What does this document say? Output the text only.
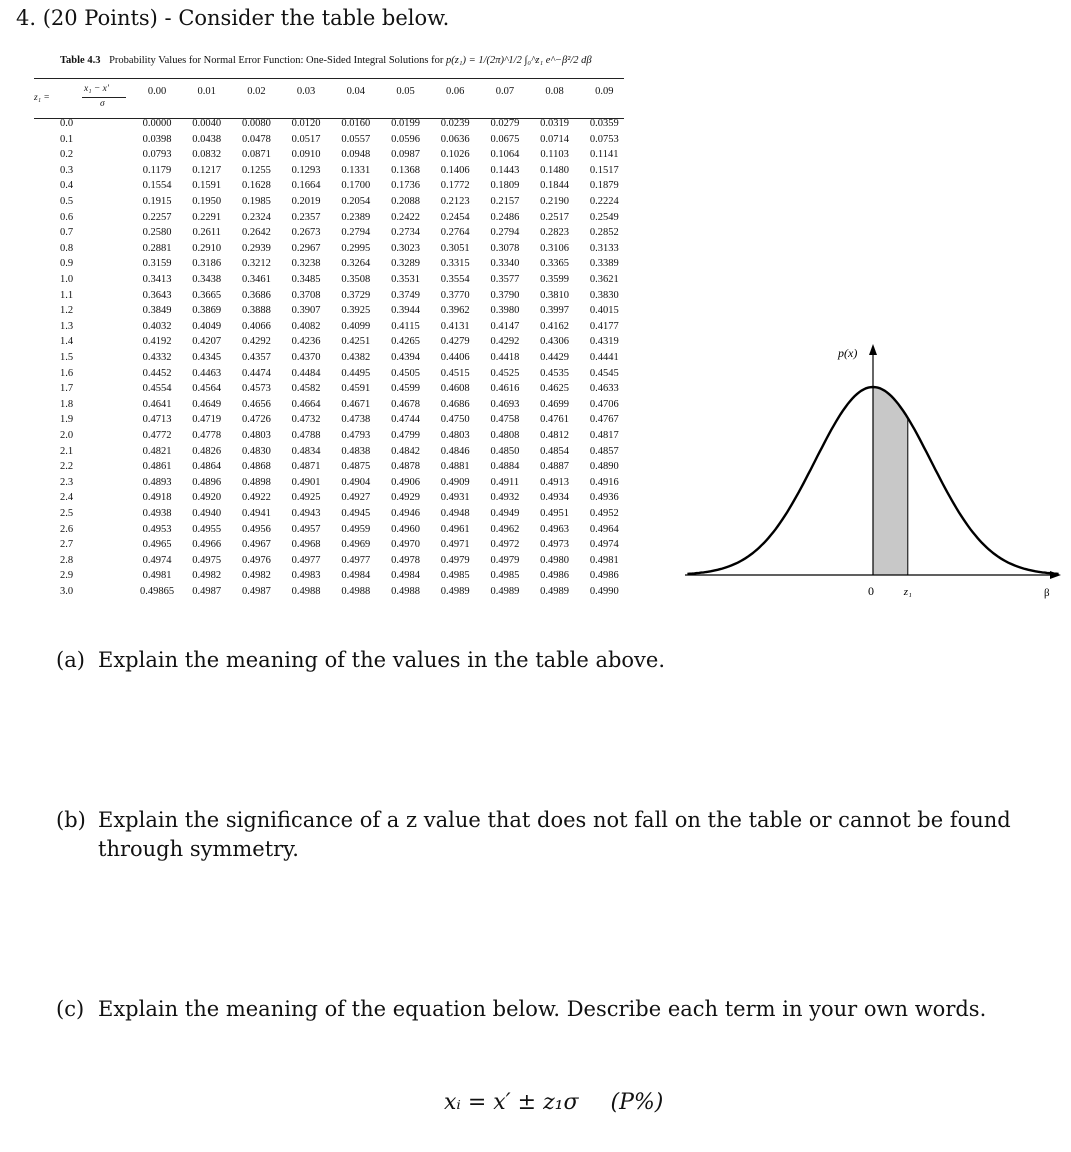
4. (20 Points) - Consider the table below.
Table 4.3 Probability Values for Normal Error Function: One-Sided Integral Solutions for p(z₁) = 1/(2π)^1/2 ∫₀^z₁ e^−β²/2 dβ
z₁ =
x₁ − x′
σ
0.00	0.01	0.02	0.03	0.04	0.05	0.06	0.07	0.08	0.09
0.0	0.0000	0.0040	0.0080	0.0120	0.0160	0.0199	0.0239	0.0279	0.0319	0.0359
0.1	0.0398	0.0438	0.0478	0.0517	0.0557	0.0596	0.0636	0.0675	0.0714	0.0753
0.2	0.0793	0.0832	0.0871	0.0910	0.0948	0.0987	0.1026	0.1064	0.1103	0.1141
0.3	0.1179	0.1217	0.1255	0.1293	0.1331	0.1368	0.1406	0.1443	0.1480	0.1517
0.4	0.1554	0.1591	0.1628	0.1664	0.1700	0.1736	0.1772	0.1809	0.1844	0.1879
0.5	0.1915	0.1950	0.1985	0.2019	0.2054	0.2088	0.2123	0.2157	0.2190	0.2224
0.6	0.2257	0.2291	0.2324	0.2357	0.2389	0.2422	0.2454	0.2486	0.2517	0.2549
0.7	0.2580	0.2611	0.2642	0.2673	0.2794	0.2734	0.2764	0.2794	0.2823	0.2852
0.8	0.2881	0.2910	0.2939	0.2967	0.2995	0.3023	0.3051	0.3078	0.3106	0.3133
0.9	0.3159	0.3186	0.3212	0.3238	0.3264	0.3289	0.3315	0.3340	0.3365	0.3389
1.0	0.3413	0.3438	0.3461	0.3485	0.3508	0.3531	0.3554	0.3577	0.3599	0.3621
1.1	0.3643	0.3665	0.3686	0.3708	0.3729	0.3749	0.3770	0.3790	0.3810	0.3830
1.2	0.3849	0.3869	0.3888	0.3907	0.3925	0.3944	0.3962	0.3980	0.3997	0.4015
1.3	0.4032	0.4049	0.4066	0.4082	0.4099	0.4115	0.4131	0.4147	0.4162	0.4177
1.4	0.4192	0.4207	0.4292	0.4236	0.4251	0.4265	0.4279	0.4292	0.4306	0.4319
1.5	0.4332	0.4345	0.4357	0.4370	0.4382	0.4394	0.4406	0.4418	0.4429	0.4441
1.6	0.4452	0.4463	0.4474	0.4484	0.4495	0.4505	0.4515	0.4525	0.4535	0.4545
1.7	0.4554	0.4564	0.4573	0.4582	0.4591	0.4599	0.4608	0.4616	0.4625	0.4633
1.8	0.4641	0.4649	0.4656	0.4664	0.4671	0.4678	0.4686	0.4693	0.4699	0.4706
1.9	0.4713	0.4719	0.4726	0.4732	0.4738	0.4744	0.4750	0.4758	0.4761	0.4767
2.0	0.4772	0.4778	0.4803	0.4788	0.4793	0.4799	0.4803	0.4808	0.4812	0.4817
2.1	0.4821	0.4826	0.4830	0.4834	0.4838	0.4842	0.4846	0.4850	0.4854	0.4857
2.2	0.4861	0.4864	0.4868	0.4871	0.4875	0.4878	0.4881	0.4884	0.4887	0.4890
2.3	0.4893	0.4896	0.4898	0.4901	0.4904	0.4906	0.4909	0.4911	0.4913	0.4916
2.4	0.4918	0.4920	0.4922	0.4925	0.4927	0.4929	0.4931	0.4932	0.4934	0.4936
2.5	0.4938	0.4940	0.4941	0.4943	0.4945	0.4946	0.4948	0.4949	0.4951	0.4952
2.6	0.4953	0.4955	0.4956	0.4957	0.4959	0.4960	0.4961	0.4962	0.4963	0.4964
2.7	0.4965	0.4966	0.4967	0.4968	0.4969	0.4970	0.4971	0.4972	0.4973	0.4974
2.8	0.4974	0.4975	0.4976	0.4977	0.4977	0.4978	0.4979	0.4979	0.4980	0.4981
2.9	0.4981	0.4982	0.4982	0.4983	0.4984	0.4984	0.4985	0.4985	0.4986	0.4986
3.0	0.49865	0.4987	0.4987	0.4988	0.4988	0.4988	0.4989	0.4989	0.4989	0.4990
p(x)
0	z₁	β
(a) Explain the meaning of the values in the table above.
(b) Explain the significance of a z value that does not fall on the table or cannot be found
through symmetry.
(c) Explain the meaning of the equation below. Describe each term in your own words.
xᵢ = x′ ± z₁σ (P%)
